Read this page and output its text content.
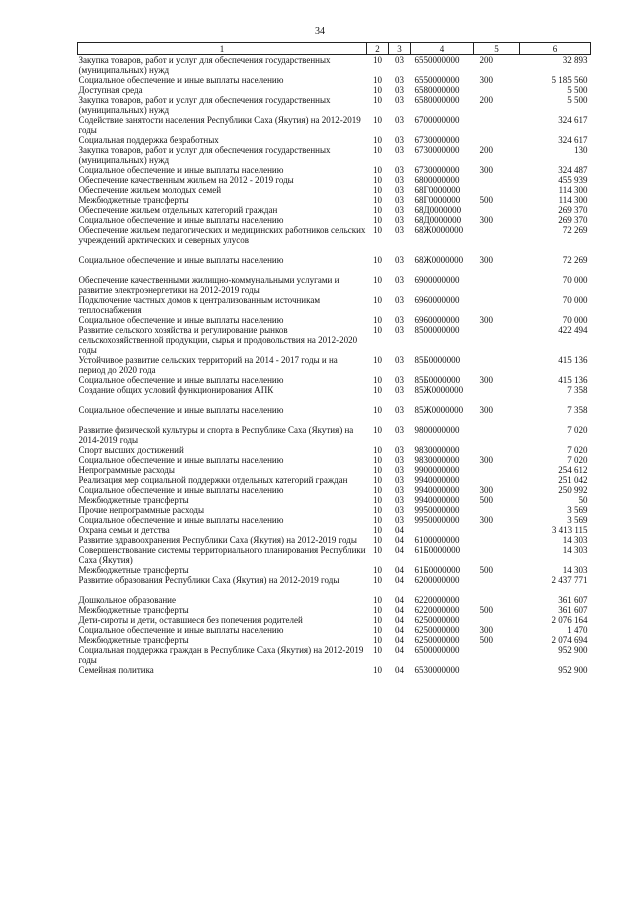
34
1	2	3	4	5	6
Закупка товаров, работ и услуг для обеспечения государственных (муниципальных) нужд	10	03	6550000000	200	32 893
Социальное обеспечение и иные выплаты населению	10	03	6550000000	300	5 185 560
Доступная среда	10	03	6580000000		5 500
Закупка товаров, работ и услуг для обеспечения государственных (муниципальных) нужд	10	03	6580000000	200	5 500
Содействие занятости населения Республики Саха (Якутия) на 2012-2019 годы	10	03	6700000000		324 617
Социальная поддержка безработных	10	03	6730000000		324 617
Закупка товаров, работ и услуг для обеспечения государственных (муниципальных) нужд	10	03	6730000000	200	130
Социальное обеспечение и иные выплаты населению	10	03	6730000000	300	324 487
Обеспечение качественным жильем на 2012 - 2019 годы	10	03	6800000000		455 939
Обеспечение жильем молодых семей	10	03	68Г0000000		114 300
Межбюджетные трансферты	10	03	68Г0000000	500	114 300
Обеспечение жильем отдельных категорий граждан	10	03	68Д0000000		269 370
Социальное обеспечение и иные выплаты населению	10	03	68Д0000000	300	269 370
Обеспечение жильем педагогических и медицинских работников сельских учреждений арктических и северных улусов	10	03	68Ж0000000		72 269

Социальное обеспечение и иные выплаты населению	10	03	68Ж0000000	300	72 269

Обеспечение качественными жилищно-коммунальными услугами и развитие электроэнергетики на 2012-2019 годы	10	03	6900000000		70 000
Подключение частных домов к централизованным источникам теплоснабжения	10	03	6960000000		70 000
Социальное обеспечение и иные выплаты населению	10	03	6960000000	300	70 000
Развитие сельского хозяйства и регулирование рынков сельскохозяйственной продукции, сырья и продовольствия на 2012-2020 годы	10	03	8500000000		422 494
Устойчивое развитие сельских территорий на 2014 - 2017 годы и на период до 2020 года	10	03	85Б0000000		415 136
Социальное обеспечение и иные выплаты населению	10	03	85Б0000000	300	415 136
Создание общих условий функционирования АПК	10	03	85Ж0000000		7 358

Социальное обеспечение и иные выплаты населению	10	03	85Ж0000000	300	7 358

Развитие физической культуры и спорта в Республике Саха (Якутия) на 2014-2019 годы	10	03	9800000000		7 020
Спорт высших достижений	10	03	9830000000		7 020
Социальное обеспечение и иные выплаты населению	10	03	9830000000	300	7 020
Непрограммные расходы	10	03	9900000000		254 612
Реализация мер социальной поддержки отдельных категорий граждан	10	03	9940000000		251 042
Социальное обеспечение и иные выплаты населению	10	03	9940000000	300	250 992
Межбюджетные трансферты	10	03	9940000000	500	50
Прочие непрограммные расходы	10	03	9950000000		3 569
Социальное обеспечение и иные выплаты населению	10	03	9950000000	300	3 569
Охрана семьи и детства	10	04			3 413 115
Развитие здравоохранения Республики Саха (Якутия) на 2012-2019 годы	10	04	6100000000		14 303
Совершенствование системы территориального планирования Республики Саха (Якутия)	10	04	61Б0000000		14 303
Межбюджетные трансферты	10	04	61Б0000000	500	14 303
Развитие образования Республики Саха (Якутия) на 2012-2019 годы	10	04	6200000000		2 437 771

Дошкольное образование	10	04	6220000000		361 607
Межбюджетные трансферты	10	04	6220000000	500	361 607
Дети-сироты и дети, оставшиеся без попечения родителей	10	04	6250000000		2 076 164
Социальное обеспечение и иные выплаты населению	10	04	6250000000	300	1 470
Межбюджетные трансферты	10	04	6250000000	500	2 074 694
Социальная поддержка граждан в Республике Саха (Якутия) на 2012-2019 годы	10	04	6500000000		952 900
Семейная политика	10	04	6530000000		952 900
